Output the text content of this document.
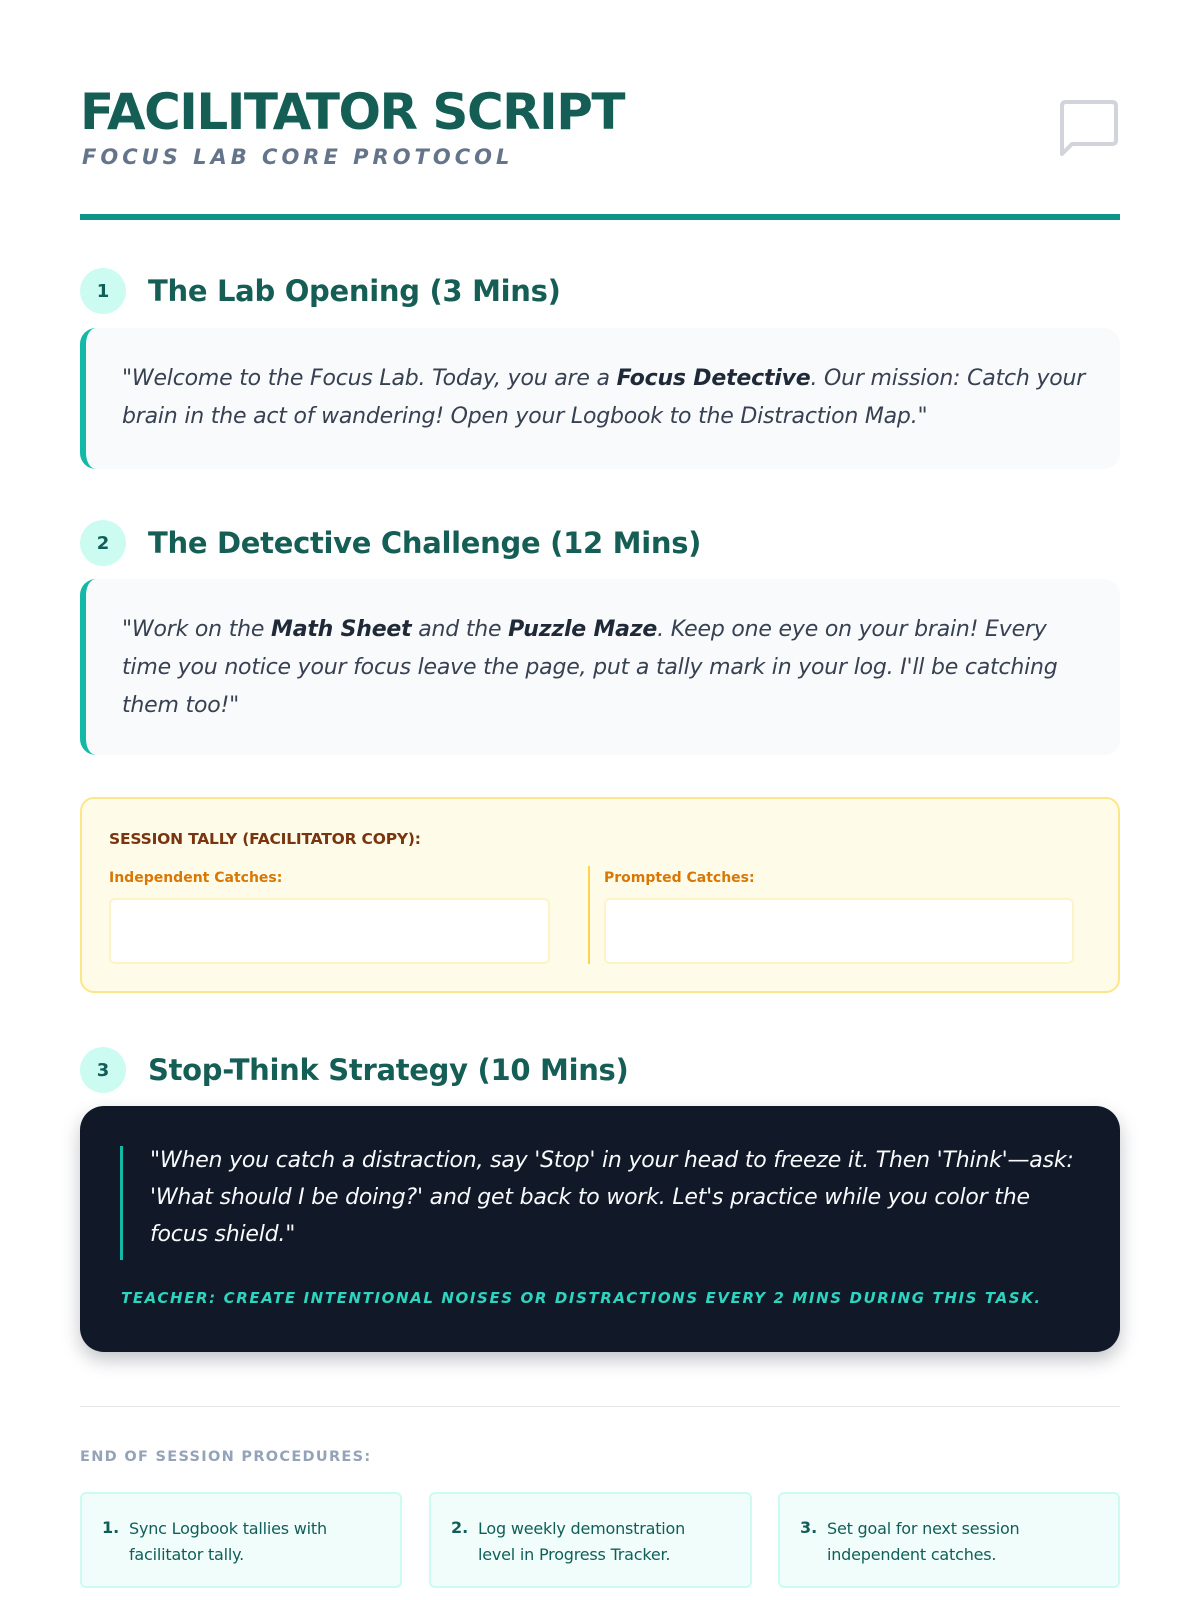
FACILITATOR SCRIPT
FOCUS LAB CORE PROTOCOL
1	The Lab Opening (3 Mins)

"Welcome to the Focus Lab. Today, you are a Focus Detective. Our mission: Catch your brain in the act of wandering! Open your Logbook to the Distraction Map."

2	The Detective Challenge (12 Mins)

"Work on the Math Sheet and the Puzzle Maze. Keep one eye on your brain! Every time you notice your focus leave the page, put a tally mark in your log. I'll be catching them too!"

SESSION TALLY (FACILITATOR COPY):
Independent Catches:	Prompted Catches:
3	Stop-Think Strategy (10 Mins)

"When you catch a distraction, say 'Stop' in your head to freeze it. Then 'Think'—ask: 'What should I be doing?' and get back to work. Let's practice while you color the focus shield."

TEACHER: CREATE INTENTIONAL NOISES OR DISTRACTIONS EVERY 2 MINS DURING THIS TASK.
END OF SESSION PROCEDURES:
1. Sync Logbook tallies with facilitator tally.
2. Log weekly demonstration level in Progress Tracker.
3. Set goal for next session independent catches.
